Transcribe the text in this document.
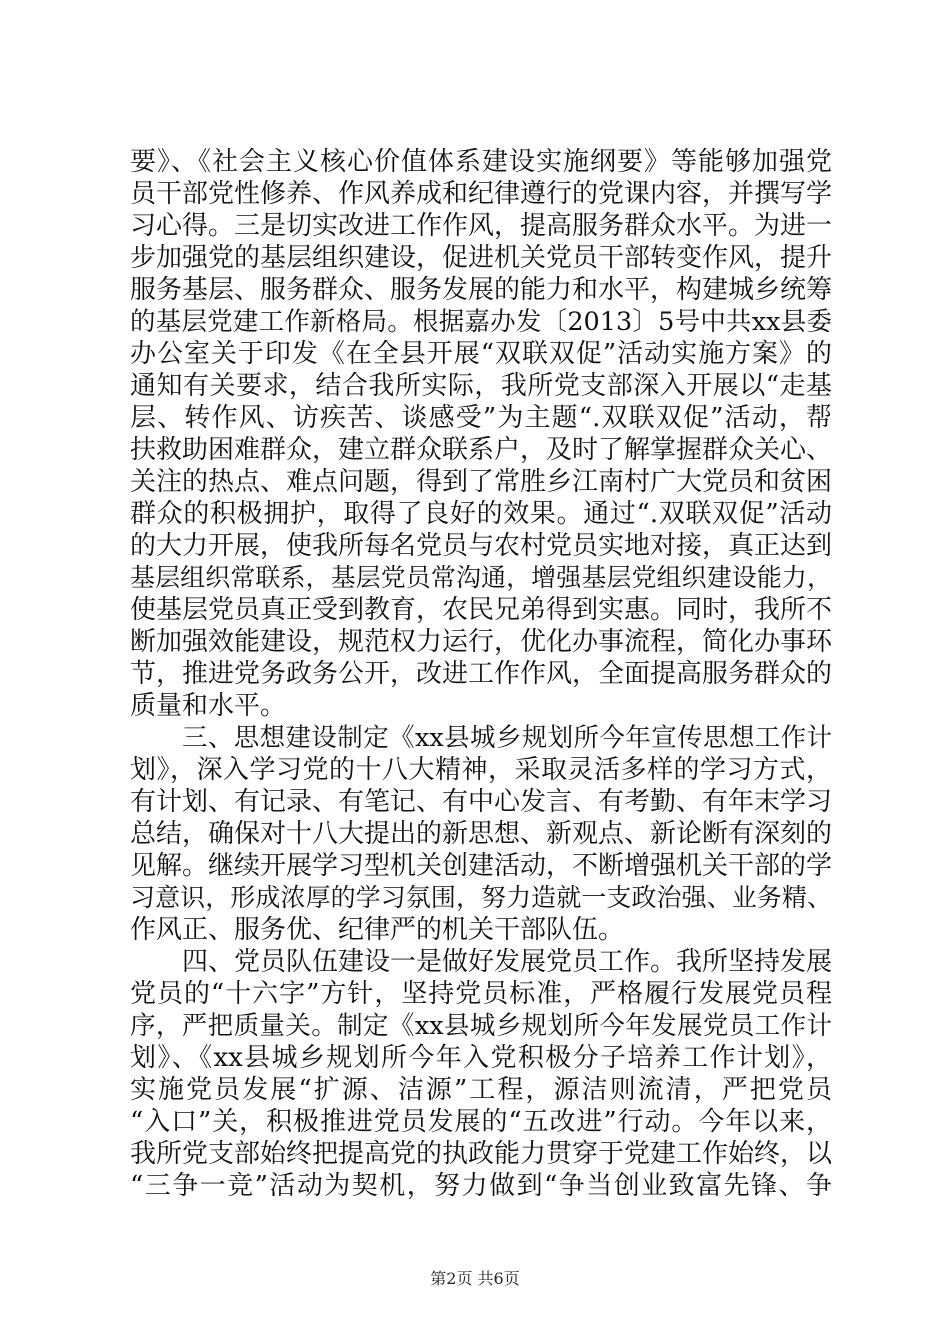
要》、《社会主义核心价值体系建设实施纲要》等能够加强党
员干部党性修养、作风养成和纪律遵行的党课内容，并撰写学
习心得。三是切实改进工作作风，提高服务群众水平。为进一
步加强党的基层组织建设，促进机关党员干部转变作风，提升
服务基层、服务群众、服务发展的能力和水平，构建城乡统筹
的基层党建工作新格局。根据嘉办发〔2013〕5号中共xx县委
办公室关于印发《在全县开展“双联双促”活动实施方案》的
通知有关要求，结合我所实际，我所党支部深入开展以“走基
层、转作风、访疾苦、谈感受”为主题“.双联双促”活动，帮
扶救助困难群众，建立群众联系户，及时了解掌握群众关心、
关注的热点、难点问题，得到了常胜乡江南村广大党员和贫困
群众的积极拥护，取得了良好的效果。通过“.双联双促”活动
的大力开展，使我所每名党员与农村党员实地对接，真正达到
基层组织常联系，基层党员常沟通，增强基层党组织建设能力，
使基层党员真正受到教育，农民兄弟得到实惠。同时，我所不
断加强效能建设，规范权力运行，优化办事流程，简化办事环
节，推进党务政务公开，改进工作作风，全面提高服务群众的
质量和水平。
三、思想建设制定《xx县城乡规划所今年宣传思想工作计
划》，深入学习党的十八大精神，采取灵活多样的学习方式，
有计划、有记录、有笔记、有中心发言、有考勤、有年末学习
总结，确保对十八大提出的新思想、新观点、新论断有深刻的
见解。继续开展学习型机关创建活动，不断增强机关干部的学
习意识，形成浓厚的学习氛围，努力造就一支政治强、业务精、
作风正、服务优、纪律严的机关干部队伍。
四、党员队伍建设一是做好发展党员工作。我所坚持发展
党员的“十六字”方针，坚持党员标准，严格履行发展党员程
序，严把质量关。制定《xx县城乡规划所今年发展党员工作计
划》、《xx县城乡规划所今年入党积极分子培养工作计划》，
实施党员发展“扩源、洁源”工程，源洁则流清，严把党员
“入口”关，积极推进党员发展的“五改进”行动。今年以来，
我所党支部始终把提高党的执政能力贯穿于党建工作始终，以
“三争一竞”活动为契机，努力做到“争当创业致富先锋、争
第2页 共6页
